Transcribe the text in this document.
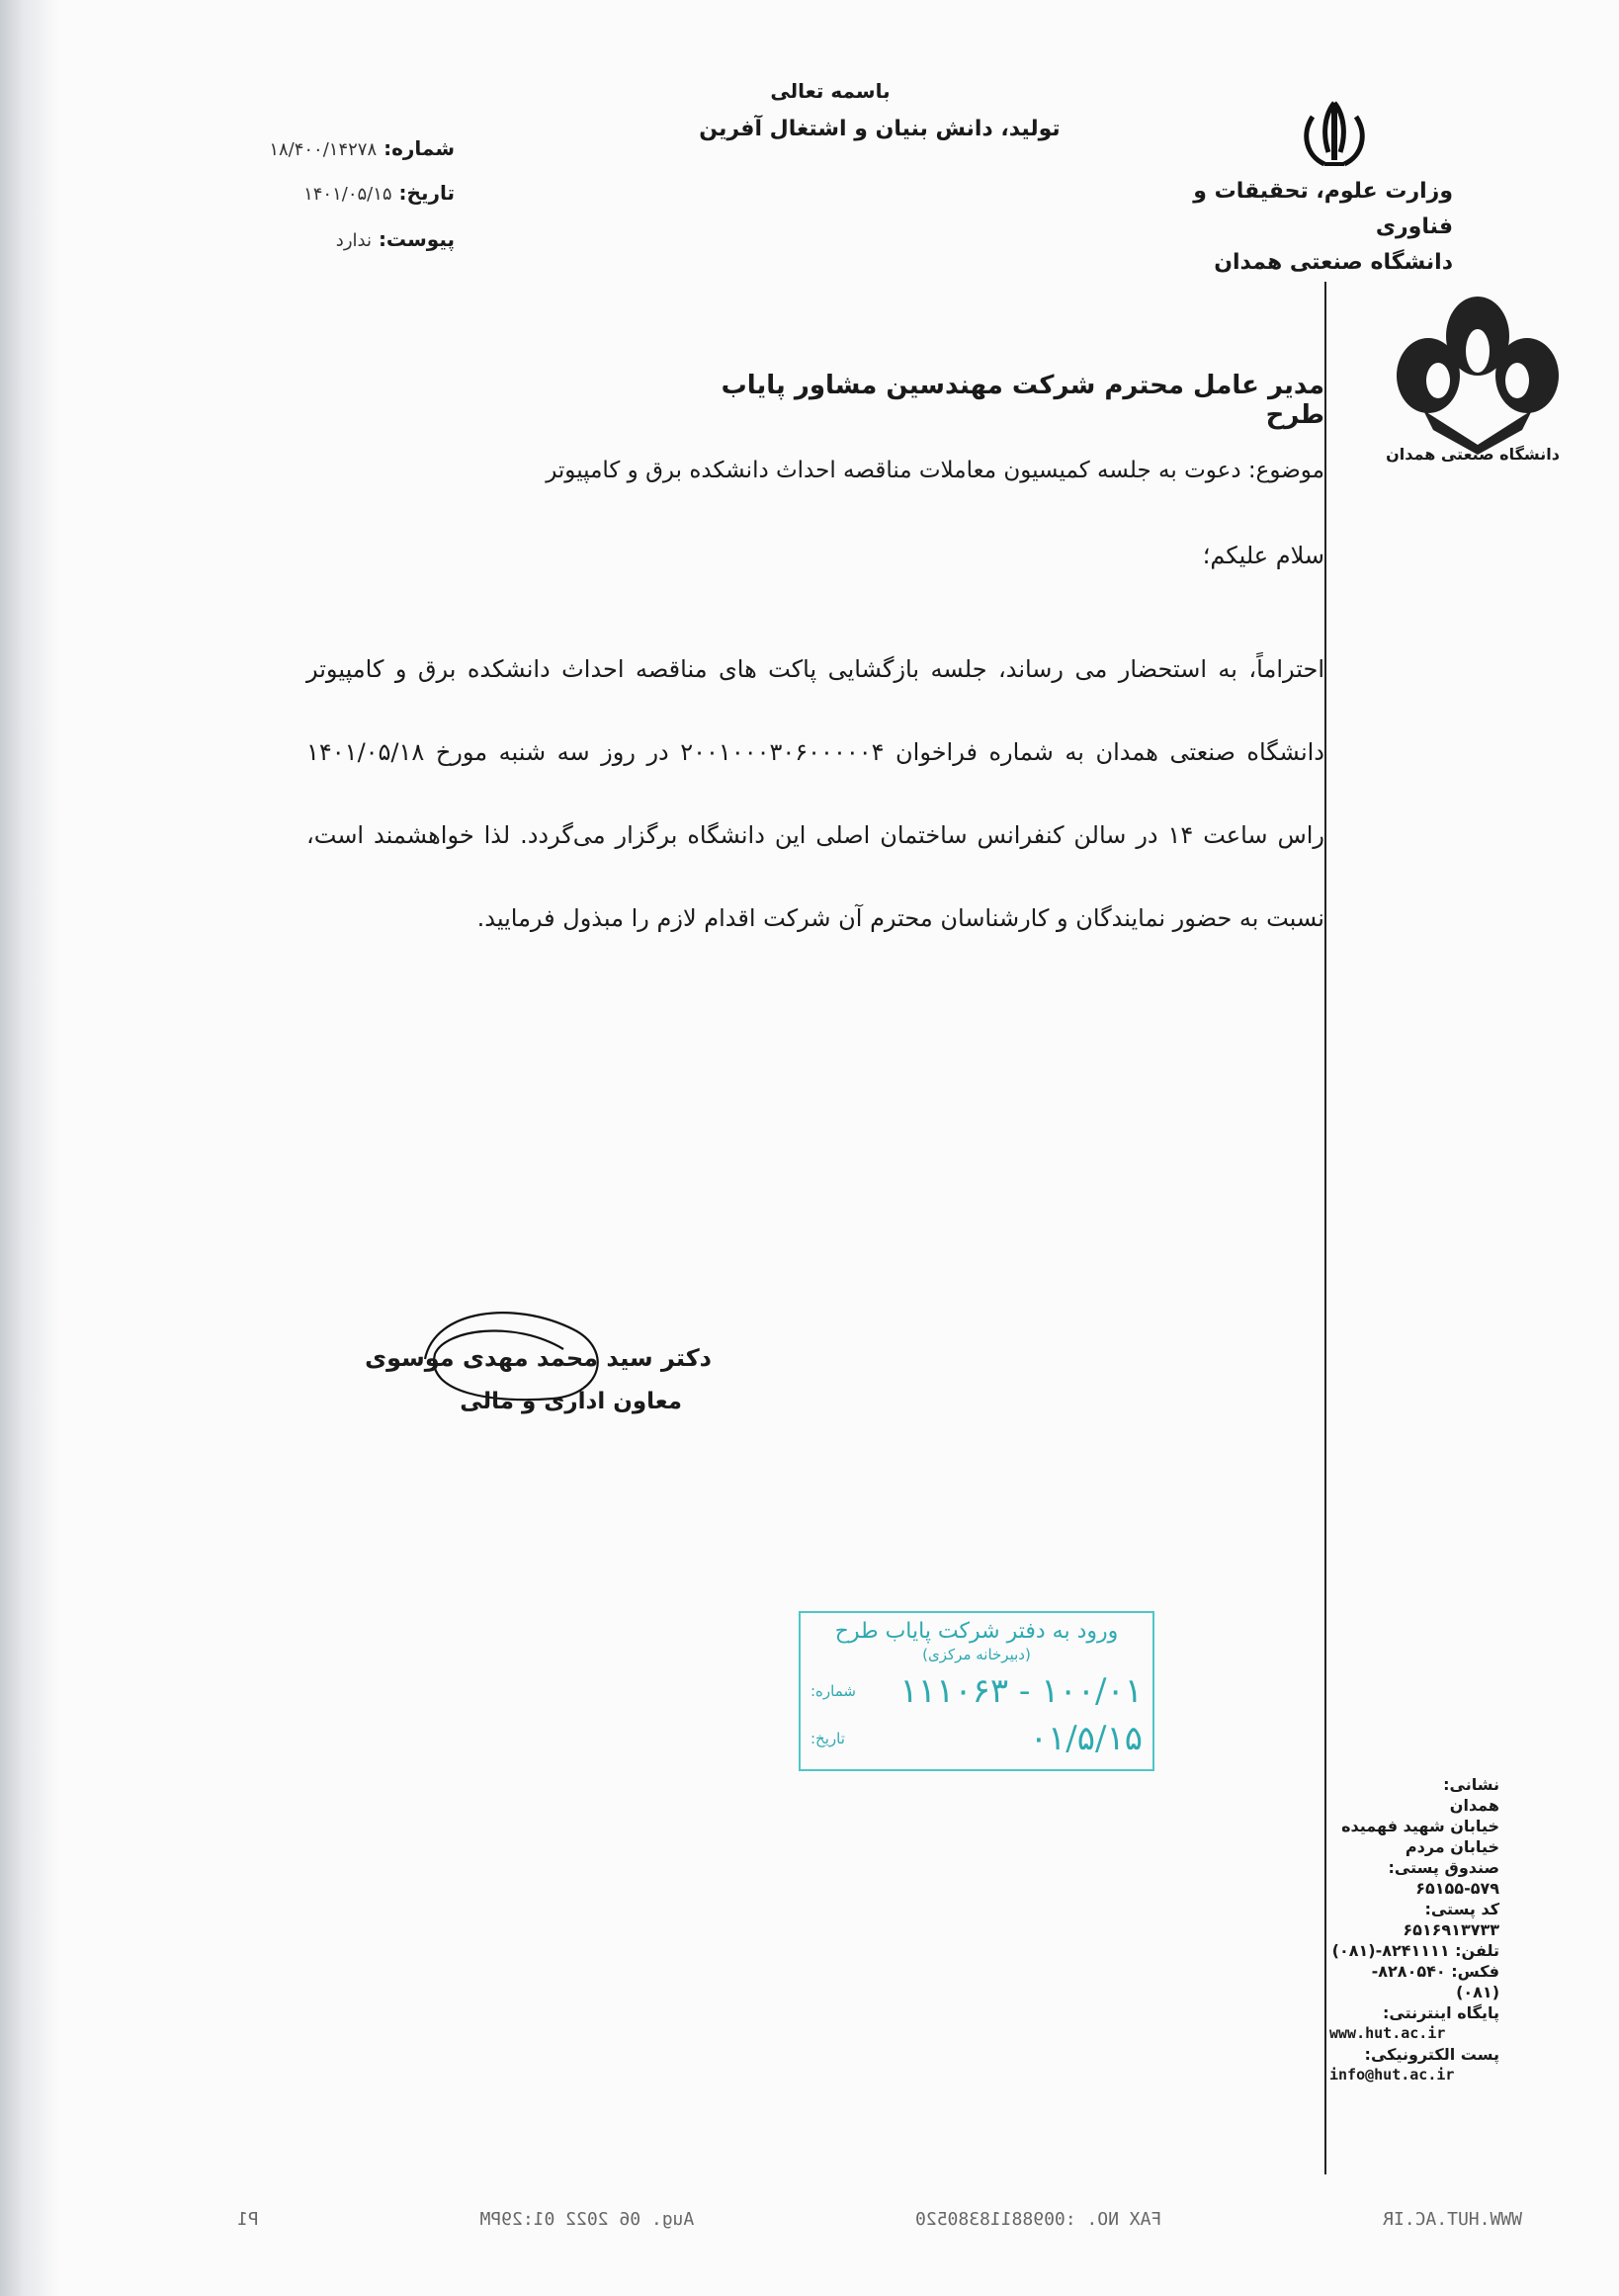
باسمه تعالی
تولید، دانش بنیان و اشتغال آفرین
وزارت علوم، تحقیقات و فناوری
دانشگاه صنعتی همدان
شماره: ۱۸/۴۰۰/۱۴۲۷۸
تاریخ: ۱۴۰۱/۰۵/۱۵
پیوست: ندارد
دانشگاه صنعتی همدان
مدیر عامل محترم شرکت مهندسین مشاور پایاب طرح
موضوع: دعوت به جلسه کمیسیون معاملات مناقصه احداث دانشکده برق و کامپیوتر
سلام علیکم؛
احتراماً، به استحضار می رساند، جلسه بازگشایی پاکت های مناقصه احداث دانشکده برق و کامپیوتر دانشگاه صنعتی همدان به شماره فراخوان ۲۰۰۱۰۰۰۳۰۶۰۰۰۰۰۴ در روز سه شنبه مورخ ۱۴۰۱/۰۵/۱۸ راس ساعت ۱۴ در سالن کنفرانس ساختمان اصلی این دانشگاه برگزار می‌گردد. لذا خواهشمند است، نسبت به حضور نمایندگان و کارشناسان محترم آن شرکت اقدام لازم را مبذول فرمایید.
دکتر سید محمد مهدی موسوی
معاون اداری و مالی
ورود به دفتر شرکت پایاب طرح
(دبیرخانه مرکزی)
شماره: ۱۰۰/۰۱ - ۱۱۱۰۶۳
تاریخ:	۰۱/۵/۱۵
نشانی:
همدان
خیابان شهید فهمیده
خیابان مردم
صندوق پستی: ۵۷۹-۶۵۱۵۵
کد پستی: ۶۵۱۶۹۱۳۷۳۳
تلفن: ۸۲۴۱۱۱۱-(۰۸۱)
فکس: ۸۲۸۰۵۴۰-(۰۸۱)
پایگاه اینترنتی:
www.hut.ac.ir
پست الکترونیکی:
info@hut.ac.ir
WWW.HUT.AC.IR
FAX NO. :00988118380520
Aug. 06 2022 01:29PM
P1
